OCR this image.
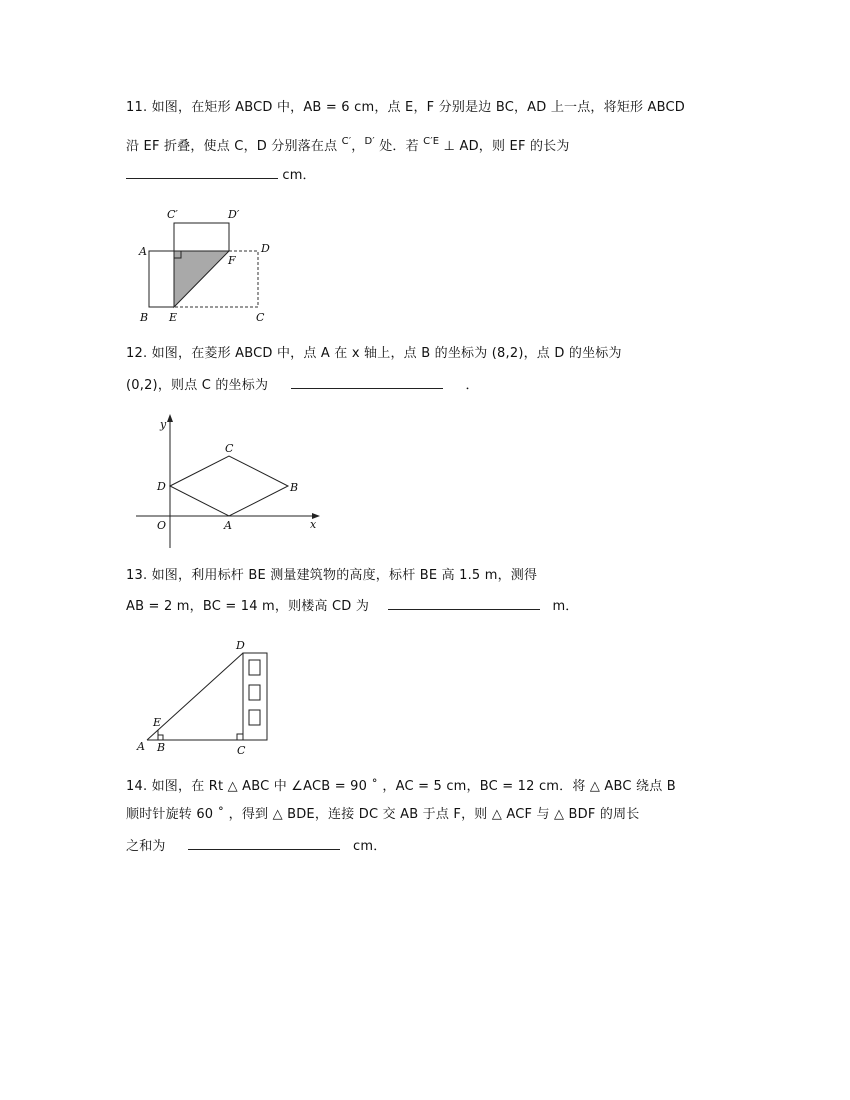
11. 如图，在矩形 ABCD 中，AB = 6 cm，点 E，F 分别是边 BC，AD 上一点，将矩形 ABCD
沿 EF 折叠，使点 C，D 分别落在点 $^{C'}$，$^{D'}$ 处．若 $^{C'E}$ ⊥ AD，则 EF 的长为
cm．
A
B	C
D
E
F
C′	D′
12. 如图，在菱形 ABCD 中，点 A 在 x 轴上，点 B 的坐标为 (8,2)，点 D 的坐标为
(0,2)，则点 C 的坐标为	．
y
x
O	A
B
C
D
13. 如图，利用标杆 BE 测量建筑物的高度，标杆 BE 高 1.5 m，测得
AB = 2 m，BC = 14 m，则楼高 CD 为	m．
A B	C
D
E
14. 如图，在 Rt △ ABC 中 ∠ACB = 90 ˚ ，AC = 5 cm，BC = 12 cm．将 △ ABC 绕点 B
顺时针旋转 60 ˚ ，得到 △ BDE，连接 DC 交 AB 于点 F，则 △ ACF 与 △ BDF 的周长
之和为	cm．
